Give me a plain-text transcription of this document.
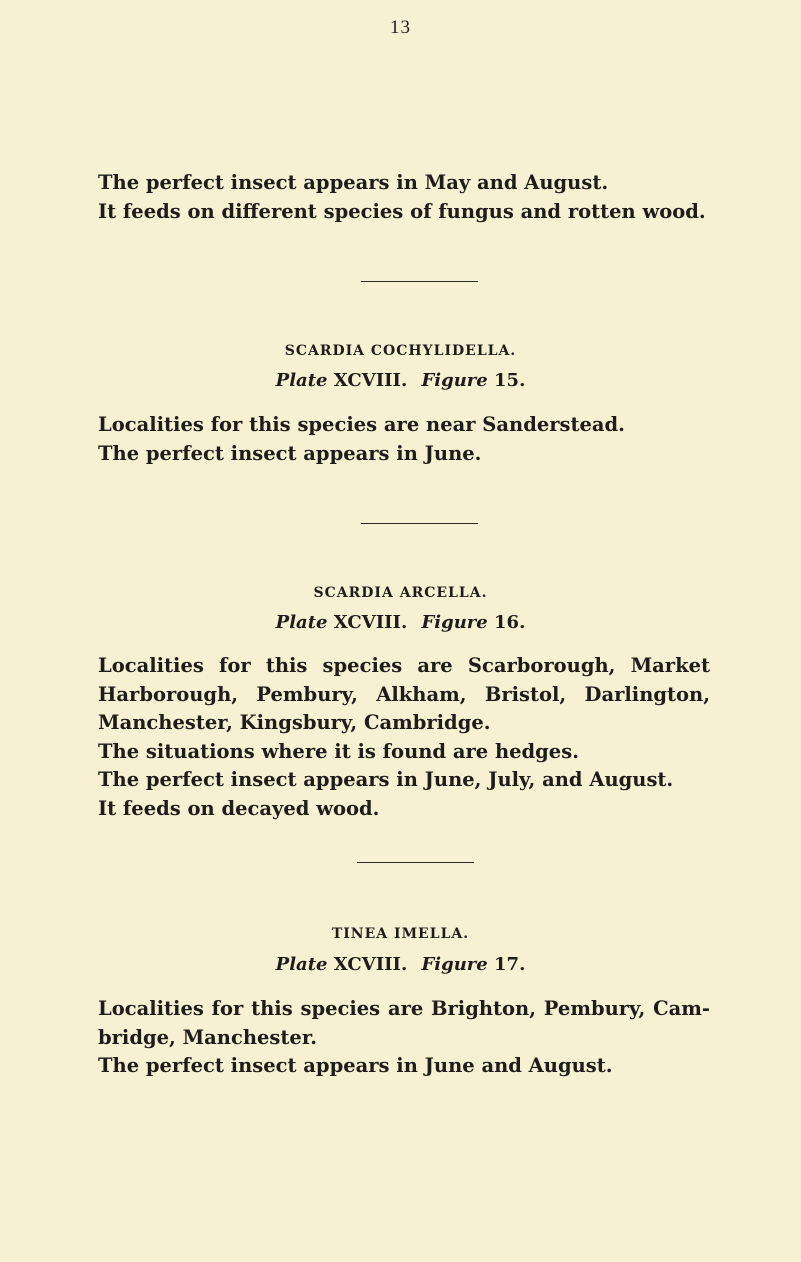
13
The perfect insect appears in May and August.
It feeds on different species of fungus and rotten wood.
SCARDIA COCHYLIDELLA.
Plate XCVIII. Figure 15.
Localities for this species are near Sanderstead.
The perfect insect appears in June.
SCARDIA ARCELLA.
Plate XCVIII. Figure 16.
Localities for this species are Scarborough, Market
Harborough, Pembury, Alkham, Bristol, Darlington,
Manchester, Kingsbury, Cambridge.
The situations where it is found are hedges.
The perfect insect appears in June, July, and August.
It feeds on decayed wood.
TINEA IMELLA.
Plate XCVIII. Figure 17.
Localities for this species are Brighton, Pembury, Cam-
bridge, Manchester.
The perfect insect appears in June and August.
